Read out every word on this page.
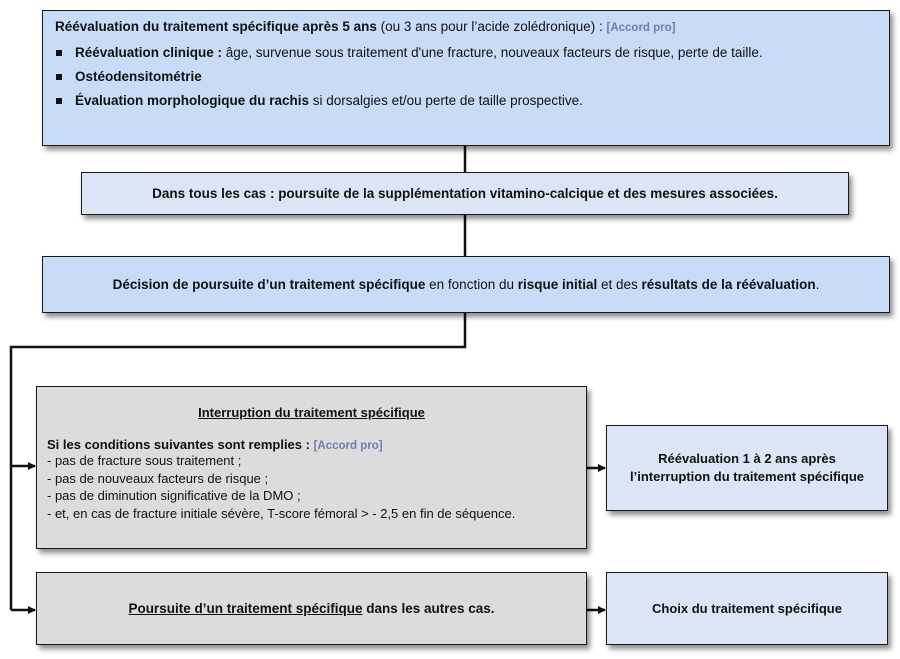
Réévaluation du traitement spécifique après 5 ans (ou 3 ans pour l’acide zolédronique) : [Accord pro]
Réévaluation clinique : âge, survenue sous traitement d'une fracture, nouveaux facteurs de risque, perte de taille.
Ostéodensitométrie
Évaluation morphologique du rachis si dorsalgies et/ou perte de taille prospective.
Dans tous les cas : poursuite de la supplémentation vitamino-calcique et des mesures associées.
Décision de poursuite d’un traitement spécifique en fonction du risque initial et des résultats de la réévaluation.
Interruption du traitement spécifique
Si les conditions suivantes sont remplies : [Accord pro]
- pas de fracture sous traitement ;
- pas de nouveaux facteurs de risque ;
- pas de diminution significative de la DMO ;
- et, en cas de fracture initiale sévère, T-score fémoral > - 2,5 en fin de séquence.
Réévaluation 1 à 2 ans après
l’interruption du traitement spécifique
Poursuite d’un traitement spécifique dans les autres cas.	Choix du traitement spécifique
